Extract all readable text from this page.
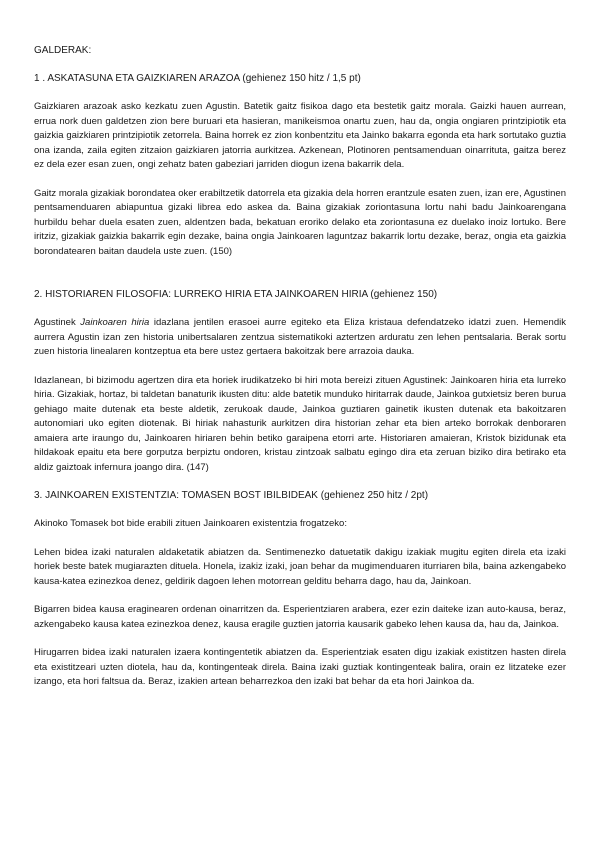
GALDERAK:

1 . ASKATASUNA ETA GAIZKIAREN ARAZOA (gehienez 150 hitz / 1,5 pt)

Gaizkiaren arazoak asko kezkatu zuen Agustin. Batetik gaitz fisikoa dago eta bestetik gaitz morala. Gaizki hauen aurrean, errua nork duen galdetzen zion bere buruari eta hasieran, manikeismoa onartu zuen, hau da, ongia ongiaren printzipiotik eta gaizkia gaizkiaren printzipiotik zetorrela. Baina horrek ez zion konbentzitu eta Jainko bakarra egonda eta hark sortutako guztia ona izanda, zaila egiten zitzaion gaizkiaren jatorria aurkitzea. Azkenean, Plotinoren pentsamenduan oinarrituta, gaitza berez ez dela ezer esan zuen, ongi zehatz baten gabeziari jarriden diogun izena bakarrik dela.

Gaitz morala gizakiak borondatea oker erabiltzetik datorrela eta gizakia dela horren erantzule esaten zuen, izan ere, Agustinen pentsamenduaren abiapuntua gizaki librea edo askea da. Baina gizakiak zoriontasuna lortu nahi badu Jainkoarengana hurbildu behar duela esaten zuen, aldentzen bada, bekatuan eroriko delako eta zoriontasuna ez duelako inoiz lortuko. Bere iritziz, gizakiak gaizkia bakarrik egin dezake, baina ongia Jainkoaren laguntzaz bakarrik lortu dezake, beraz, ongia eta gaizkia borondatearen baitan daudela uste zuen. (150)

2. HISTORIAREN FILOSOFIA: LURREKO HIRIA ETA JAINKOAREN HIRIA (gehienez 150)

Agustinek Jainkoaren hiria idazlana jentilen erasoei aurre egiteko eta Eliza kristaua defendatzeko idatzi zuen. Hemendik aurrera Agustin izan zen historia unibertsalaren zentzua sistematikoki aztertzen arduratu zen lehen pentsalaria. Berak sortu zuen historia linealaren kontzeptua eta bere ustez gertaera bakoitzak bere arrazoia dauka.

Idazlanean, bi bizimodu agertzen dira eta horiek irudikatzeko bi hiri mota bereizi zituen Agustinek: Jainkoaren hiria eta lurreko hiria. Gizakiak, hortaz, bi taldetan banaturik ikusten ditu: alde batetik munduko hiritarrak daude, Jainkoa gutxietsiz beren burua gehiago maite dutenak eta beste aldetik, zerukoak daude, Jainkoa guztiaren gainetik ikusten dutenak eta bakoitzaren autonomiari uko egiten diotenak. Bi hiriak nahasturik aurkitzen dira historian zehar eta bien arteko borrokak denboraren amaiera arte iraungo du, Jainkoaren hiriaren behin betiko garaipena etorri arte. Historiaren amaieran, Kristok bizidunak eta hildakoak epaitu eta bere gorputza berpiztu ondoren, kristau zintzoak salbatu egingo dira eta zeruan biziko dira betirako eta aldiz gaiztoak infernura joango dira. (147)

3. JAINKOAREN EXISTENTZIA: TOMASEN BOST IBILBIDEAK (gehienez 250 hitz / 2pt)

Akinoko Tomasek bot bide erabili zituen Jainkoaren existentzia frogatzeko:

Lehen bidea izaki naturalen aldaketatik abiatzen da. Sentimenezko datuetatik dakigu izakiak mugitu egiten direla eta izaki horiek beste batek mugiarazten dituela. Honela, izakiz izaki, joan behar da mugimenduaren iturriaren bila, baina azkengabeko kausa-katea ezinezkoa denez, geldirik dagoen lehen motorrean gelditu beharra dago, hau da, Jainkoan.

Bigarren bidea kausa eraginearen ordenan oinarritzen da. Esperientziaren arabera, ezer ezin daiteke izan auto-kausa, beraz, azkengabeko kausa katea ezinezkoa denez, kausa eragile guztien jatorria kausarik gabeko lehen kausa da, hau da, Jainkoa.

Hirugarren bidea izaki naturalen izaera kontingentetik abiatzen da. Esperientziak esaten digu izakiak existitzen hasten direla eta existitzeari uzten diotela, hau da, kontingenteak direla. Baina izaki guztiak kontingenteak balira, orain ez litzateke ezer izango, eta hori faltsua da. Beraz, izakien artean beharrezkoa den izaki bat behar da eta hori Jainkoa da.
